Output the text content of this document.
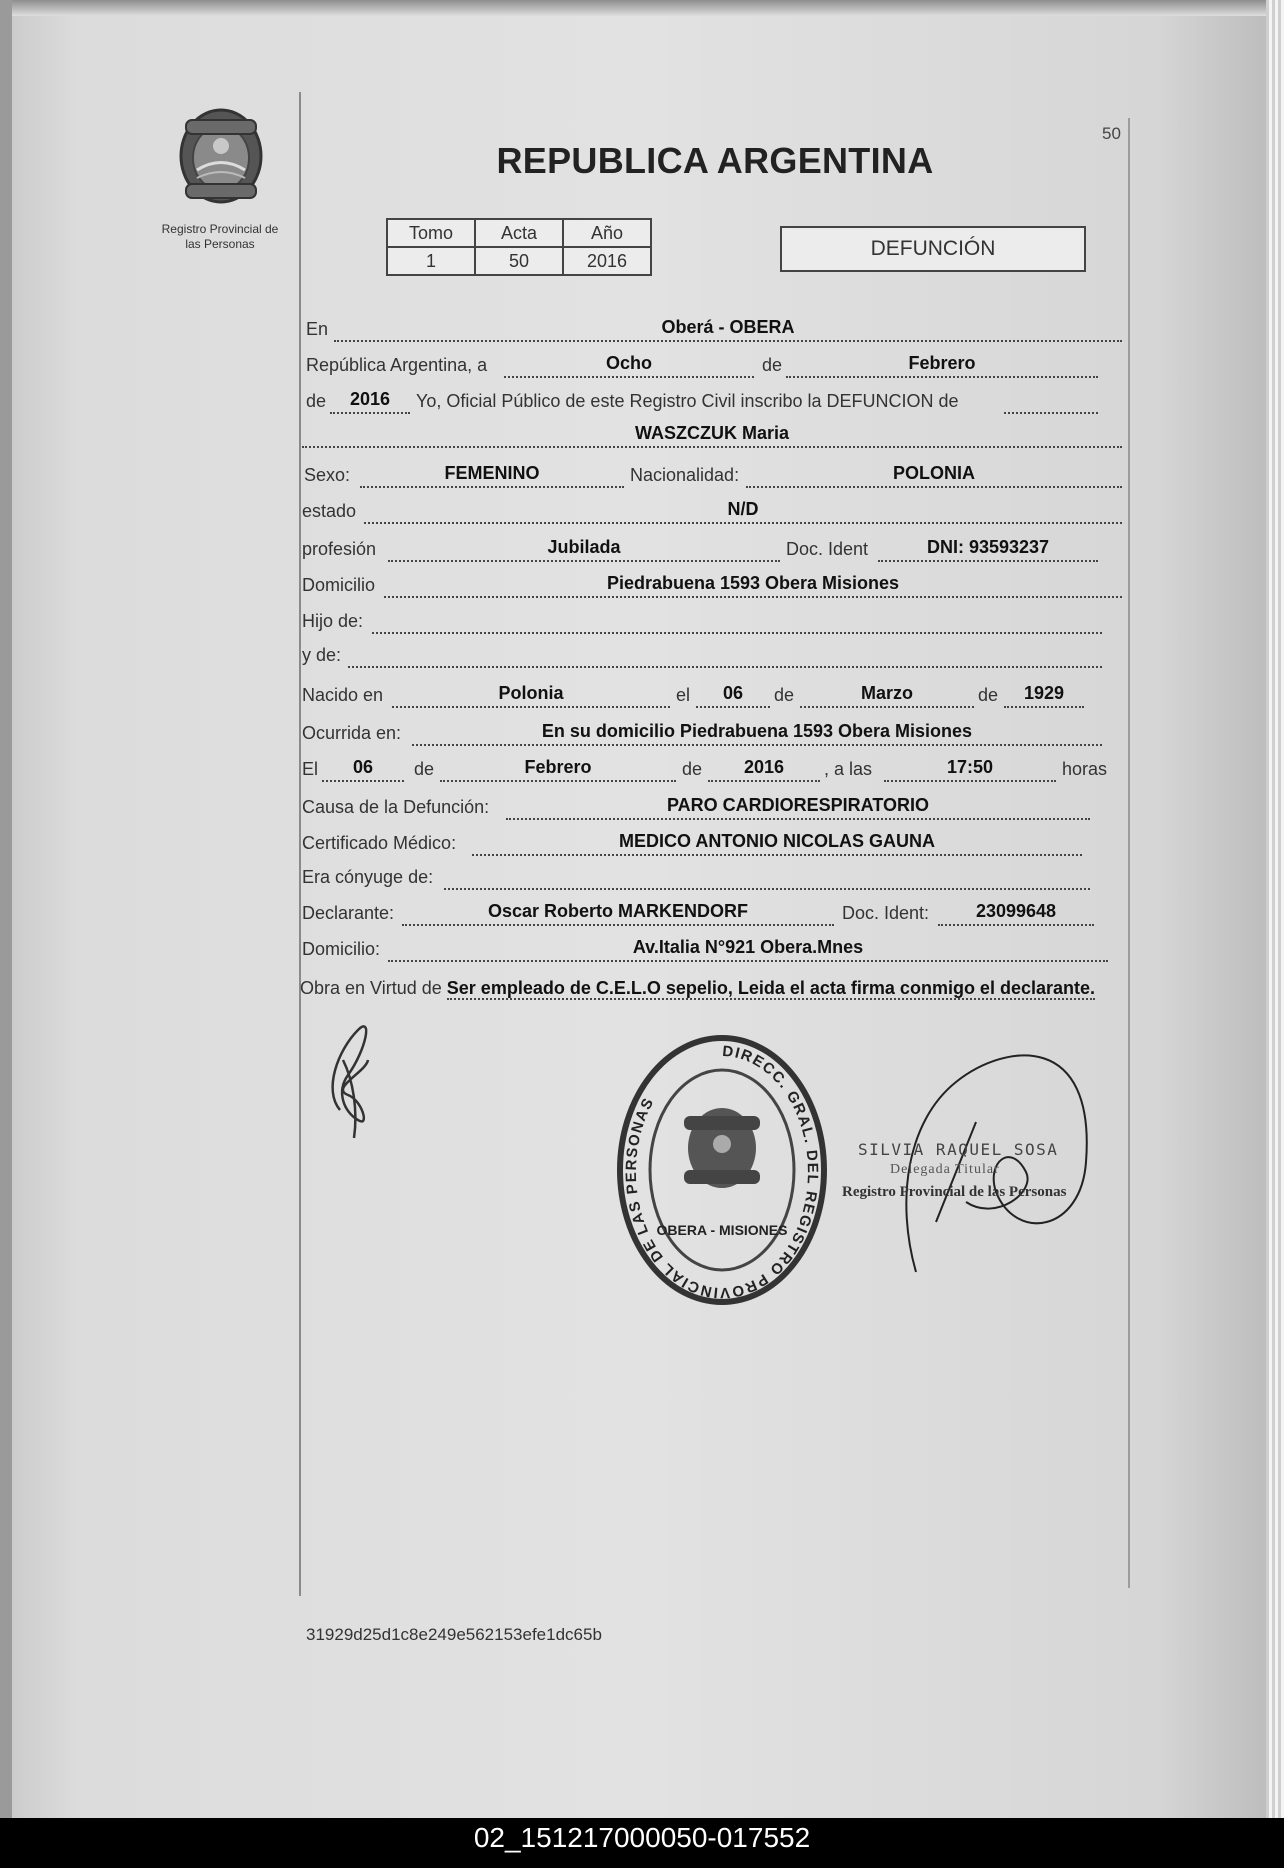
Registro Provincial de
las Personas
50
REPUBLICA ARGENTINA
Tomo	Acta	Año
1	50	2016
DEFUNCIÓN
En	Oberá - OBERA
República Argentina, a	Ocho	de	Febrero
de	2016	Yo, Oficial Público de este Registro Civil inscribo la DEFUNCION de
WASZCZUK Maria
Sexo:	FEMENINO	Nacionalidad:	POLONIA
estado	N/D
profesión	Jubilada	Doc. Ident	DNI: 93593237
Domicilio	Piedrabuena 1593 Obera Misiones
Hijo de:
y de:
Nacido en	Polonia	el	06	de	Marzo	de	1929
Ocurrida en:	En su domicilio Piedrabuena 1593 Obera Misiones
El	06	de	Febrero	de	2016	, a las	17:50	horas
Causa de la Defunción:	PARO CARDIORESPIRATORIO
Certificado Médico:	MEDICO ANTONIO NICOLAS GAUNA
Era cónyuge de:
Declarante:	Oscar Roberto MARKENDORF	Doc. Ident:	23099648
Domicilio:	Av.Italia N°921 Obera.Mnes
Obra en Virtud de Ser empleado de C.E.L.O sepelio, Leida el acta firma conmigo el declarante.
DIRECC. GRAL. DEL REGISTRO PROVINCIAL DE LAS PERSONAS
OBERA - MISIONES
SILVIA RAQUEL SOSA
Delegada Titular
Registro Provincial de las Personas
31929d25d1c8e249e562153efe1dc65b
02_151217000050-017552
